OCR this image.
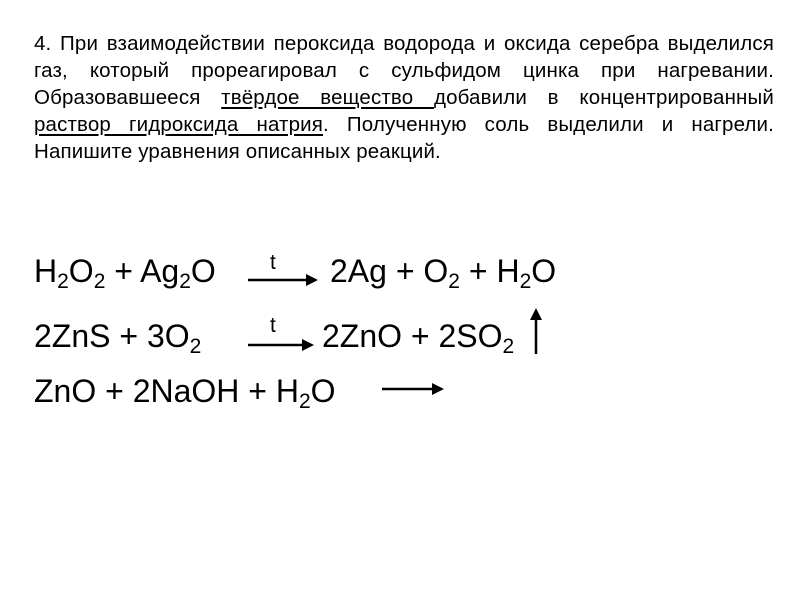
4. При взаимодействии пероксида водорода и оксида серебра выделился газ, который прореагировал с сульфидом цинка при нагревании. Образовавшееся твёрдое вещество добавили в концентрированный раствор гидроксида натрия. Полученную соль выделили и нагрели. Напишите уравнения описанных реакций.
$H_2O_2 + Ag_2O$	t $2Ag + O_2 + H_2O$
$2ZnS + 3O_2$
t $2ZnO + 2SO_2$
ZnO + 2NaOH + $H_2O$
